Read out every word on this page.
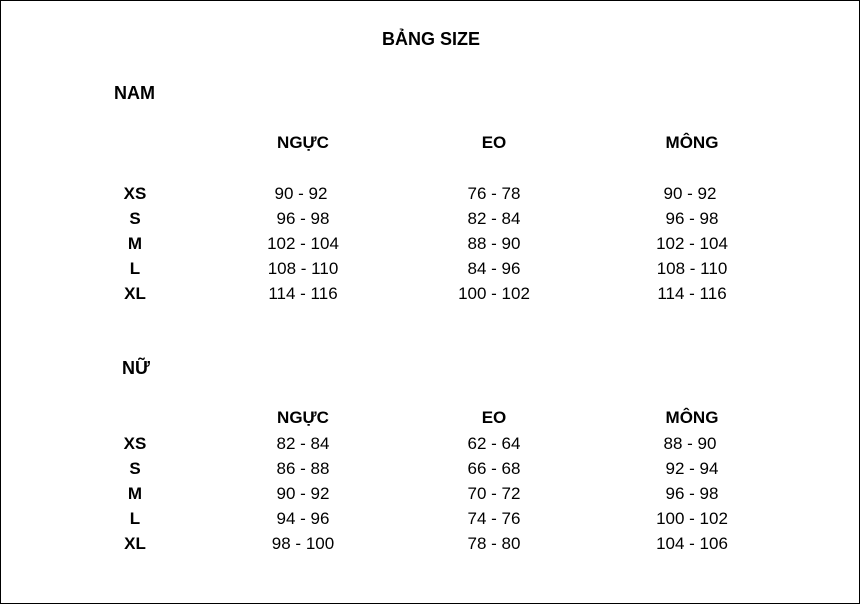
BẢNG SIZE
NAM
NGỰC	EO	MÔNG
XS	90 - 92	76 - 78	90 - 92
S	96 - 98	82 - 84	96 - 98
M	102 - 104	88 - 90	102 - 104
L	108 - 110	84 - 96	108 - 110
XL	114 - 116	100 - 102	114 - 116
NỮ
NGỰC	EO	MÔNG
XS	82 - 84	62 - 64	88 - 90
S	86 - 88	66 - 68	92 - 94
M	90 - 92	70 - 72	96 - 98
L	94 - 96	74 - 76	100 - 102
XL	98 - 100	78 - 80	104 - 106
